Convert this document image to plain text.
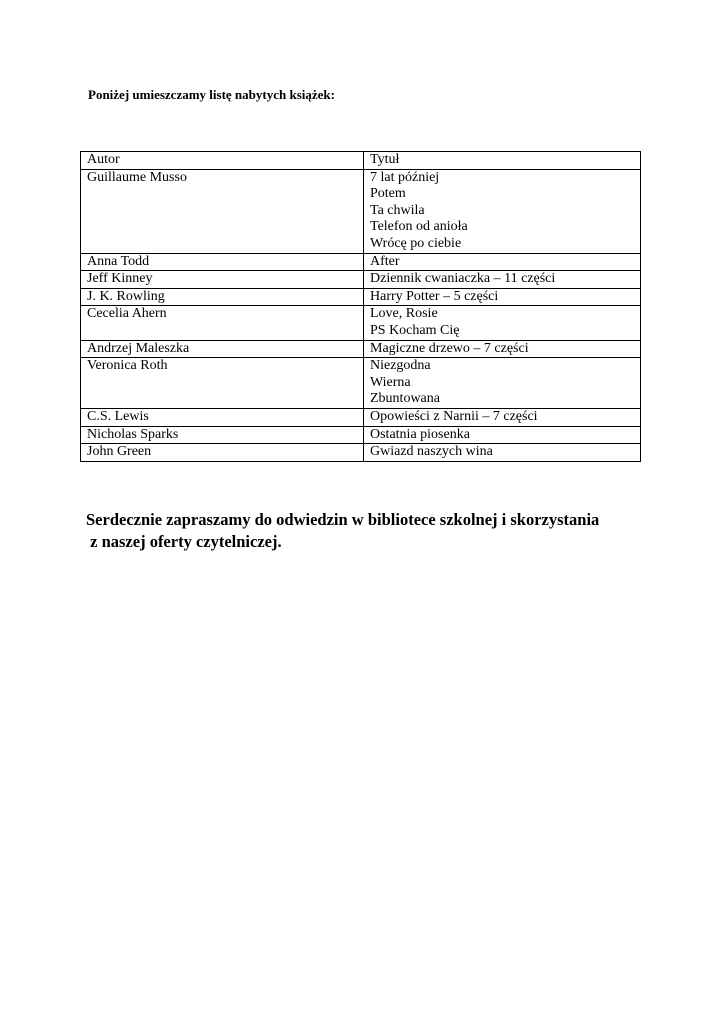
Poniżej umieszczamy listę nabytych książek:

Autor	Tytuł
Guillaume Musso	7 lat później
Potem
Ta chwila
Telefon od anioła
Wrócę po ciebie

Anna Todd	After

Jeff Kinney	Dziennik cwaniaczka – 11 części

J. K. Rowling	Harry Potter – 5 części

Cecelia Ahern	Love, Rosie
PS Kocham Cię

Andrzej Maleszka	Magiczne drzewo – 7 części

Veronica Roth	Niezgodna
Wierna
Zbuntowana

C.S. Lewis	Opowieści z Narnii – 7 części

Nicholas Sparks	Ostatnia piosenka

John Green	Gwiazd naszych wina

Serdecznie zapraszamy do odwiedzin w bibliotece szkolnej i skorzystania
z naszej oferty czytelniczej.
